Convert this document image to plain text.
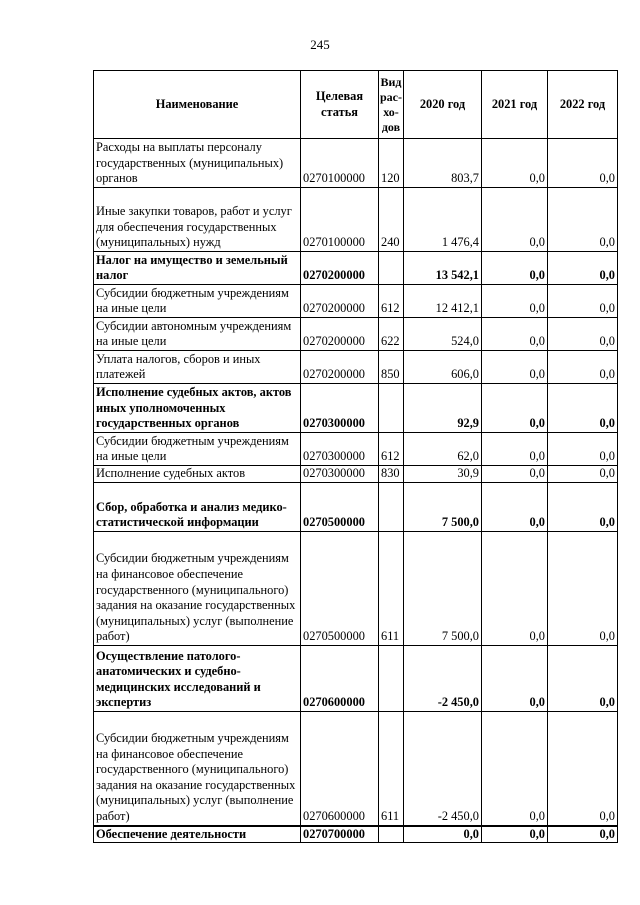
245
Наименование	Целевая статья	Вид рас-хо-дов	2020 год	2021 год	2022 год
Расходы на выплаты персоналу государственных (муниципальных) органов	0270100000	120	803,7	0,0	0,0
Иные закупки товаров, работ и услуг для обеспечения государственных (муниципальных) нужд	0270100000	240	1 476,4	0,0	0,0
Налог на имущество и земельный налог	0270200000		13 542,1	0,0	0,0
Субсидии бюджетным учреждениям на иные цели	0270200000	612	12 412,1	0,0	0,0
Субсидии автономным учреждениям на иные цели	0270200000	622	524,0	0,0	0,0
Уплата налогов, сборов и иных платежей	0270200000	850	606,0	0,0	0,0
Исполнение судебных актов, актов иных уполномоченных государственных органов	0270300000		92,9	0,0	0,0
Субсидии бюджетным учреждениям на иные цели	0270300000	612	62,0	0,0	0,0
Исполнение судебных актов	0270300000	830	30,9	0,0	0,0
Сбор, обработка и анализ медико-статистической информации	0270500000		7 500,0	0,0	0,0
Субсидии бюджетным учреждениям на финансовое обеспечение государственного (муниципального) задания на оказание государственных (муниципальных) услуг (выполнение работ)	0270500000	611	7 500,0	0,0	0,0
Осуществление патолого-анатомических и судебно-медицинских исследований и экспертиз	0270600000		-2 450,0	0,0	0,0
Субсидии бюджетным учреждениям на финансовое обеспечение государственного (муниципального) задания на оказание государственных (муниципальных) услуг (выполнение работ)	0270600000	611	-2 450,0	0,0	0,0
Обеспечение деятельности	0270700000		0,0	0,0	0,0
